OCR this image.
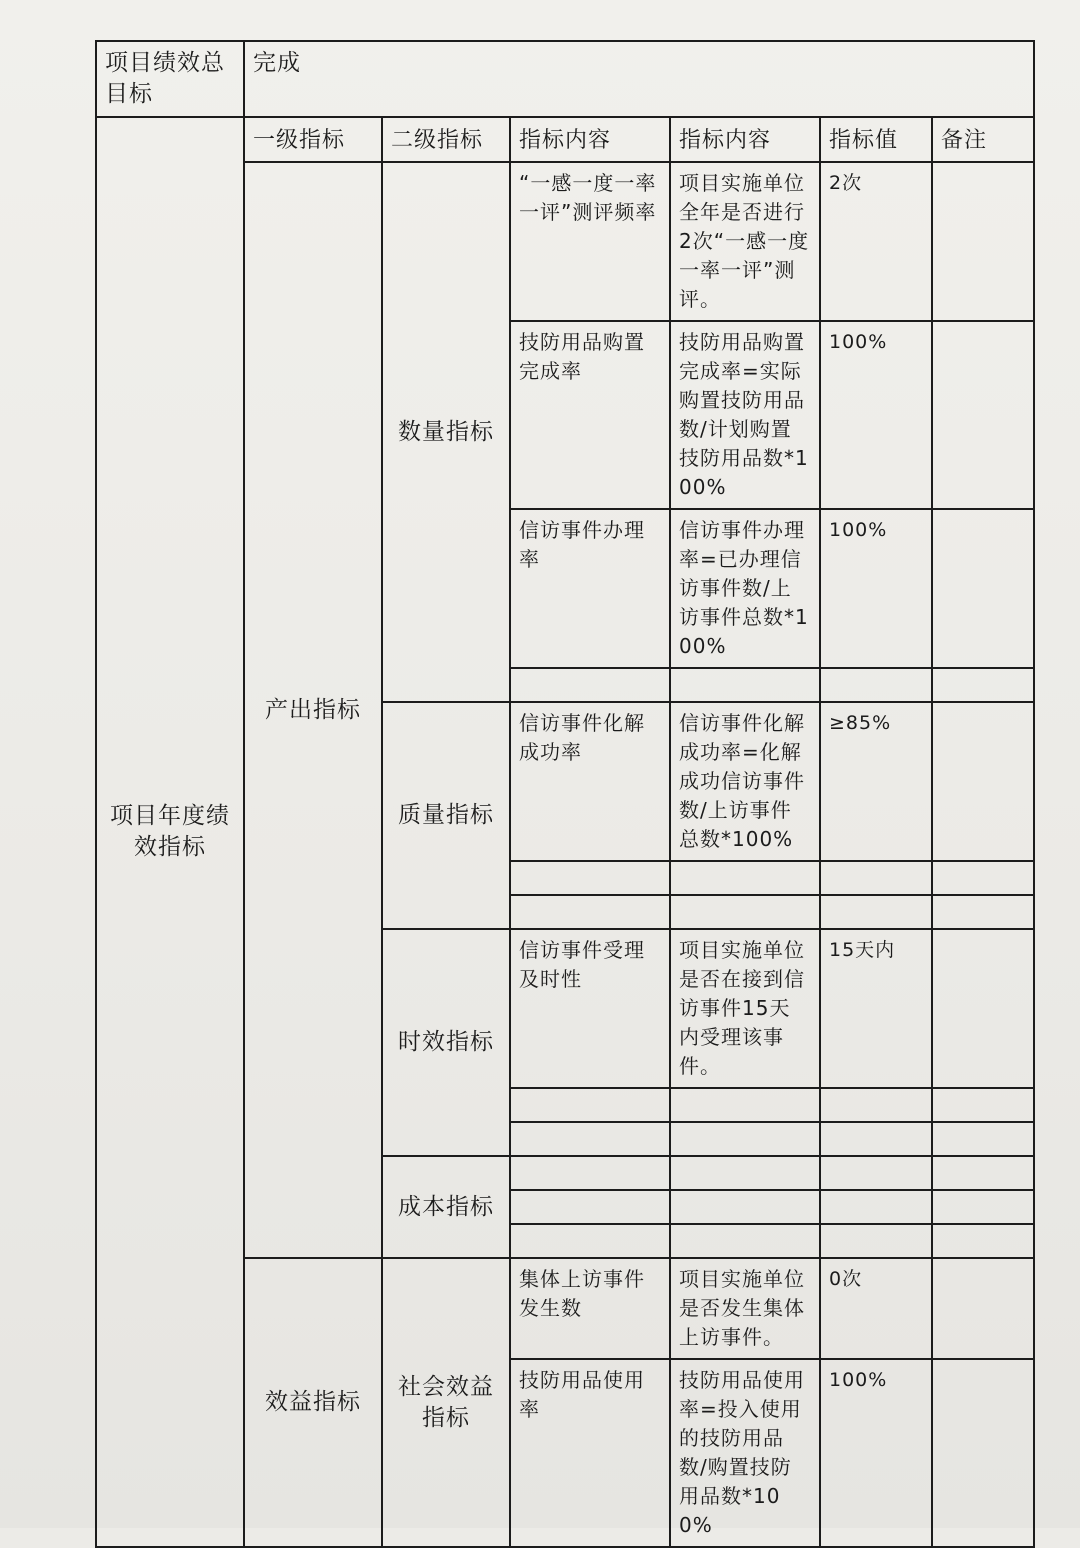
项目绩效总目标	完成					
项目年度绩效指标	一级指标	二级指标	指标内容	指标内容	指标值	备注
	产出指标	数量指标	“一感一度一率一评”测评频率	项目实施单位全年是否进行2次“一感一度一率一评”测评。	2次	
			技防用品购置完成率	技防用品购置完成率=实际购置技防用品数/计划购置技防用品数*100%	100%	
			信访事件办理率	信访事件办理率=已办理信访事件数/上访事件总数*100%	100%	

		质量指标	信访事件化解成功率	信访事件化解成功率=化解成功信访事件数/上访事件总数*100%	≥85%	

		时效指标	信访事件受理及时性	项目实施单位是否在接到信访事件15天内受理该事件。	15天内	

		成本指标				

	效益指标	社会效益指标	集体上访事件发生数	项目实施单位是否发生集体上访事件。	0次	
			技防用品使用率	技防用品使用率=投入使用的技防用品数/购置技防用品数*100%	100%	
